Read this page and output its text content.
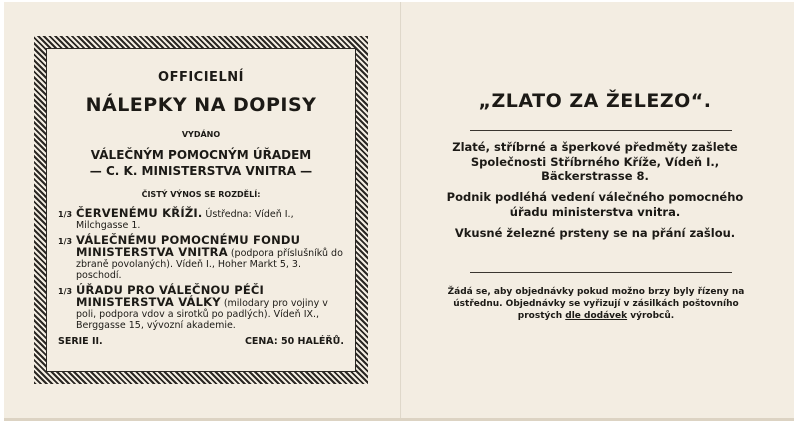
OFFICIELNÍ
NÁLEPKY NA DOPISY
VYDÁNO
VÁLEČNÝM POMOCNÝM ÚŘADEM
— C. K. MINISTERSTVA VNITRA —
ČISTÝ VÝNOS SE ROZDĚLÍ:
1/3 ČERVENÉMU KŘÍŽI. Ústředna: Vídeň I., Milchgasse 1.
1/3 VÁLEČNÉMU POMOCNÉMU FONDU MINISTERSTVA VNITRA (podpora příslušníků do zbraně povolaných). Vídeň I., Hoher Markt 5, 3. poschodí.
1/3 ÚŘADU PRO VÁLEČNOU PÉČI MINISTERSTVA VÁLKY (milodary pro vojiny v poli, podpora vdov a sirotků po padlých). Vídeň IX., Berggasse 15, vývozní akademie.
SERIE II.	CENA: 50 HALÉŘŮ.
„ZLATO ZA ŽELEZO“.
Zlaté, stříbrné a šperkové předměty zašlete Společnosti Stříbrného Kříže, Vídeň I., Bäckerstrasse 8.
Podnik podléhá vedení válečného pomocného úřadu ministerstva vnitra.
Vkusné železné prsteny se na přání zašlou.
Žádá se, aby objednávky pokud možno brzy byly řízeny na ústřednu. Objednávky se vyřizují v zásilkách poštovního prostých dle dodávek výrobců.
